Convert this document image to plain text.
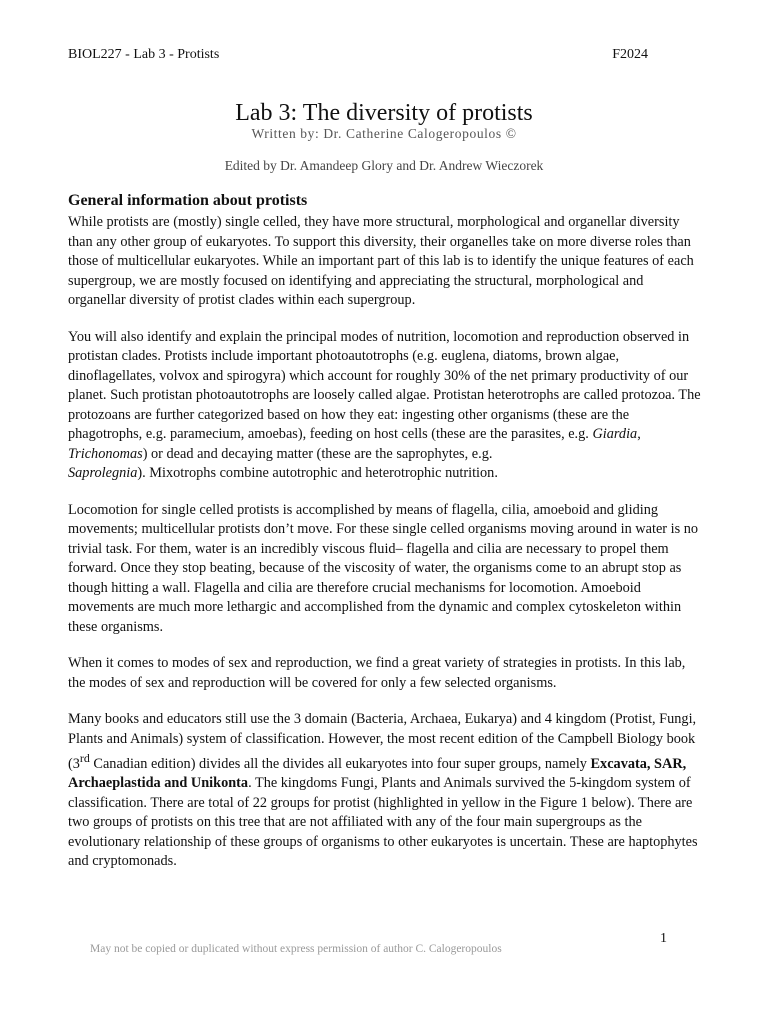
BIOL227 - Lab 3 - Protists	F2024
Lab 3: The diversity of protists
Written by: Dr. Catherine Calogeropoulos ©
Edited by Dr. Amandeep Glory and Dr. Andrew Wieczorek
General information about protists

While protists are (mostly) single celled, they have more structural, morphological and organellar diversity than any other group of eukaryotes. To support this diversity, their organelles take on more diverse roles than those of multicellular eukaryotes. While an important part of this lab is to identify the unique features of each supergroup, we are mostly focused on identifying and appreciating the structural, morphological and organellar diversity of protist clades within each supergroup.

You will also identify and explain the principal modes of nutrition, locomotion and reproduction observed in protistan clades. Protists include important photoautotrophs (e.g. euglena, diatoms, brown algae, dinoflagellates, volvox and spirogyra) which account for roughly 30% of the net primary productivity of our planet. Such protistan photoautotrophs are loosely called algae. Protistan heterotrophs are called protozoa. The protozoans are further categorized based on how they eat: ingesting other organisms (these are the phagotrophs, e.g. paramecium, amoebas), feeding on host cells (these are the parasites, e.g. Giardia, Trichonomas) or dead and decaying matter (these are the saprophytes, e.g.
Saprolegnia). Mixotrophs combine autotrophic and heterotrophic nutrition.

Locomotion for single celled protists is accomplished by means of flagella, cilia, amoeboid and gliding movements; multicellular protists don’t move. For these single celled organisms moving around in water is no trivial task. For them, water is an incredibly viscous fluid– flagella and cilia are necessary to propel them forward. Once they stop beating, because of the viscosity of water, the organisms come to an abrupt stop as though hitting a wall. Flagella and cilia are therefore crucial mechanisms for locomotion. Amoeboid movements are much more lethargic and accomplished from the dynamic and complex cytoskeleton within these organisms.

When it comes to modes of sex and reproduction, we find a great variety of strategies in protists. In this lab, the modes of sex and reproduction will be covered for only a few selected organisms.

Many books and educators still use the 3 domain (Bacteria, Archaea, Eukarya) and 4 kingdom (Protist, Fungi, Plants and Animals) system of classification. However, the most recent edition of the Campbell Biology book (3rd Canadian edition) divides all the divides all eukaryotes into four super groups, namely Excavata, SAR, Archaeplastida and Unikonta. The kingdoms Fungi, Plants and Animals survived the 5-kingdom system of classification. There are total of 22 groups for protist (highlighted in yellow in the Figure 1 below). There are two groups of protists on this tree that are not affiliated with any of the four main supergroups as the evolutionary relationship of these groups of organisms to other eukaryotes is uncertain. These are haptophytes and cryptomonads.

1
May not be copied or duplicated without express permission of author C. Calogeropoulos
